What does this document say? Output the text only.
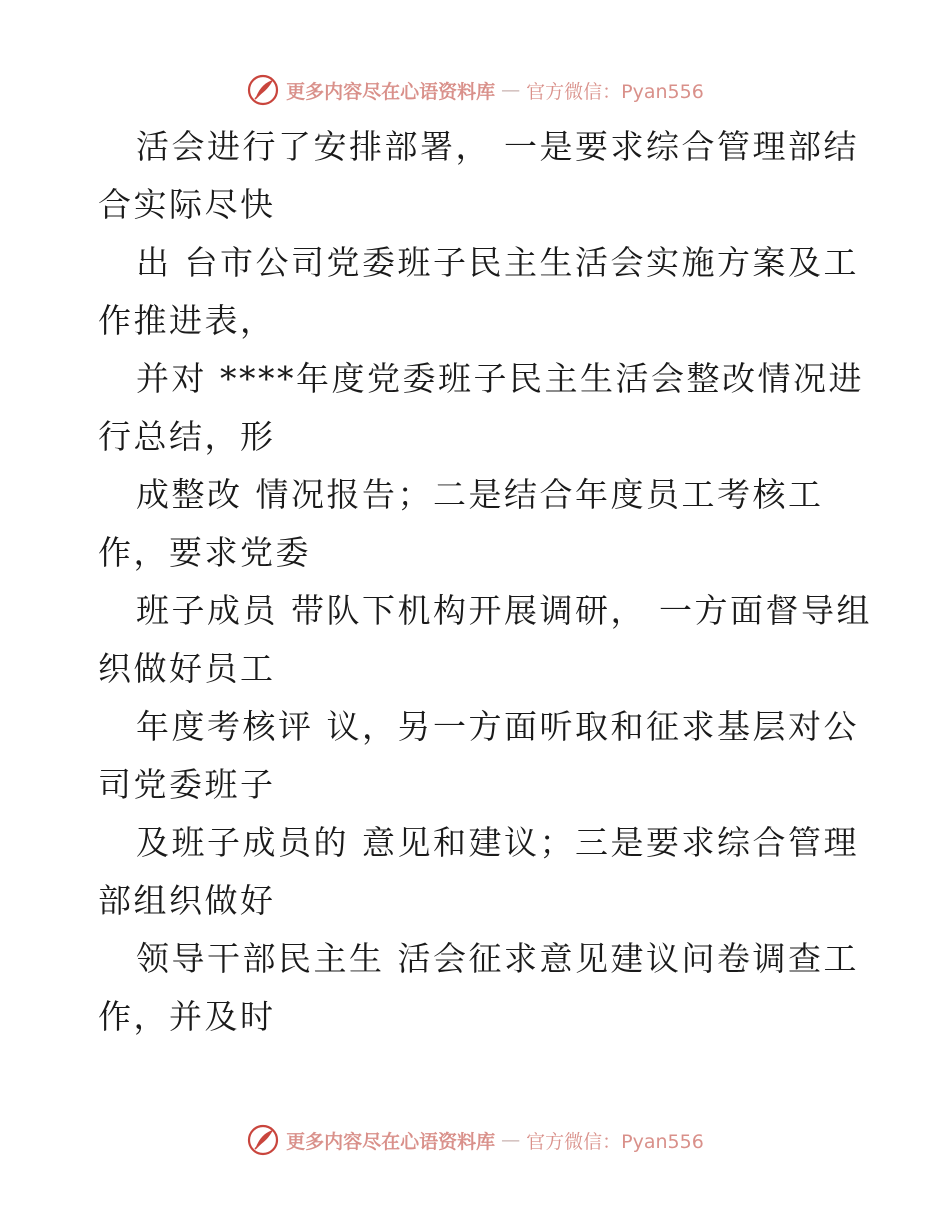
更多内容尽在心语资料库 — 官方微信：Pyan556
活会进行了安排部署， 一是要求综合管理部结
合实际尽快
出 台市公司党委班子民主生活会实施方案及工
作推进表，
并对 ****年度党委班子民主生活会整改情况进
行总结，形
成整改 情况报告；二是结合年度员工考核工
作，要求党委
班子成员 带队下机构开展调研， 一方面督导组
织做好员工
年度考核评 议，另一方面听取和征求基层对公
司党委班子
及班子成员的 意见和建议；三是要求综合管理
部组织做好
领导干部民主生 活会征求意见建议问卷调查工
作，并及时
更多内容尽在心语资料库 — 官方微信：Pyan556
